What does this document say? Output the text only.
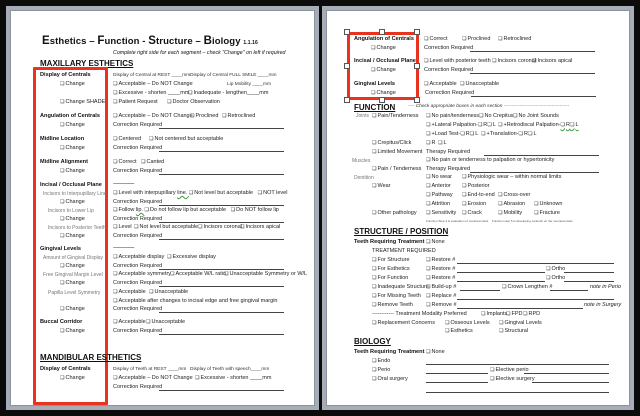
Esthetics – Function - Structure – Biology 1.1.16
Complete right side for each segment – check "Change" on left if required
MAXILLARY ESTHETICS
Display of Centrals	Display of Central at REST ____mm Display of Central FULL SMILE ____mm
❏ Change	❏ Acceptable – Do NOT Change	Lip Mobility ____mm
❏ Excessive - shorten ____mm ❏ Inadequate - lengthen____mm
❏ Change SHADE	❏ Patient Request	❏ Doctor Observation
Angulation of Centrals	❏ Acceptable – Do NOT Change ❏ Proclined	❏ Retroclined
❏ Change	Correction Required
Midline Location	❏ Centered	❏ Not centered but acceptable
❏ Change	Correction Required
Midline Alignment	❏ Correct	❏ Canted
❏ Change	Correction Required
Incisal / Occlusal Plane ------------------
Incisors to Interpupillary Line	❏ Level with interpupillary line. ❏ Not level but acceptable ❏ NOT level
❏ Change	Correction Required
Incisors to Lower Lip	❏ Follow lip. ❏ Do not follow lip but acceptable ❏ Do NOT follow lip
❏ Change	Correction Required
Incisors to Posterior Teeth	❏ Level	❏ Not level but acceptable ❏ Incisors coronal ❏ Incisors apical
❏ Change	Correction Required
Gingival Levels	------------------
Amount of Gingival Display	❏ Acceptable display	❏ Excessive display
❏ Change	Correction Required
Free Gingival Margin Level	❏ Acceptable symmetry ❏ Acceptable W/L ratio ❏ Unacceptable Symmetry or W/L
❏ Change	Correction Required
Papilla Level Symmetry	❏ Acceptable	❏ Unacceptable
❏ Acceptable after changes to incisal edge and free gingival margin
❏ Change	Correction Required
Buccal Corridor	❏ Acceptable	❏ Unacceptable
❏ Change	Correction Required
MANDIBULAR ESTHETICS
Display of Centrals	Display of Teeth at REST ____mm Display of Teeth with speech____mm
❏ Change	❏ Acceptable – Do NOT Change	❏ Excessive - shorten ____mm
Correction Required
Angulation of Centrals	❏ Correct	❏ Proclined	❏ Retroclined
❏ Change	Correction Required
Incisal / Occlusal Plane	❏ Level with posterior teeth	❏ Incisors coronal ❏ Incisors apical
❏ Change	Correction Required
Gingival Levels	❏ Acceptable	❏ Unacceptable
❏ Change	Correction Required
FUNCTION	---- Check appropriate boxes in each section -----------------------------------------
Joints	❏ Pain/Tenderness	❏ No pain/tenderness ❏ No Crepitus ❏ No Joint Sounds
❏ +Lateral Palpation- ❏ R ❏ L	❏ +Retrodiscal Palpation- ❏ R ❏ L
❏ +Load Test- ❏ R ❏ L	❏ +Translation- ❏ R ❏ L
❏ Crepitus/Click	❏ R	❏ L
❏ Limited Movement Therapy Required
Muscles	❏ No pain or tenderness to palpation or hypertonicity
❏ Pain / Tenderness Therapy Required
Dentition	❏ No wear	❏ Physiologic wear – within normal limits
❏ Wear	❏ Anterior	❏ Posterior
❏ Pathway	❏ End-to-end	❏ Cross-over
❏ Attrition	❏ Erosion	❏ Abrasion	❏ Unknown
❏ Other pathology	❏ Sensitivity	❏ Crack	❏ Mobility	❏ Fracture
Function Step 4 is evaluation of mounted casts Function step 5 is developing centrelin on the mounted casts
STRUCTURE / POSITION
Teeth Requiring Treatment	❏ None
TREATMENT REQUIRED
❏ For Structure	❏ Restore #
❏ For Esthetics	❏ Restore #	❏ Ortho
❏ For Function	❏ Restore #	❏ Ortho
❏ Inadequate Structure ❏ Build-up #	❏ Crown Lengthen #	note in Perio
❏ For Missing Teeth	❏ Replace #
❏ Remove Teeth	❏ Remove #	note in Surgery
------------ Treatment Modality Preferred	❏ Implants ❏ FPD	❏ RPD
❏ Replacement Concerns	❏ Osseous Levels	❏ Gingival Levels
❏ Esthetics	❏ Structural
BIOLOGY
Teeth Requiring Treatment	❏ None
❏ Endo
❏ Perio	❏ Elective perio
❏ Oral surgery	❏ Elective surgery
